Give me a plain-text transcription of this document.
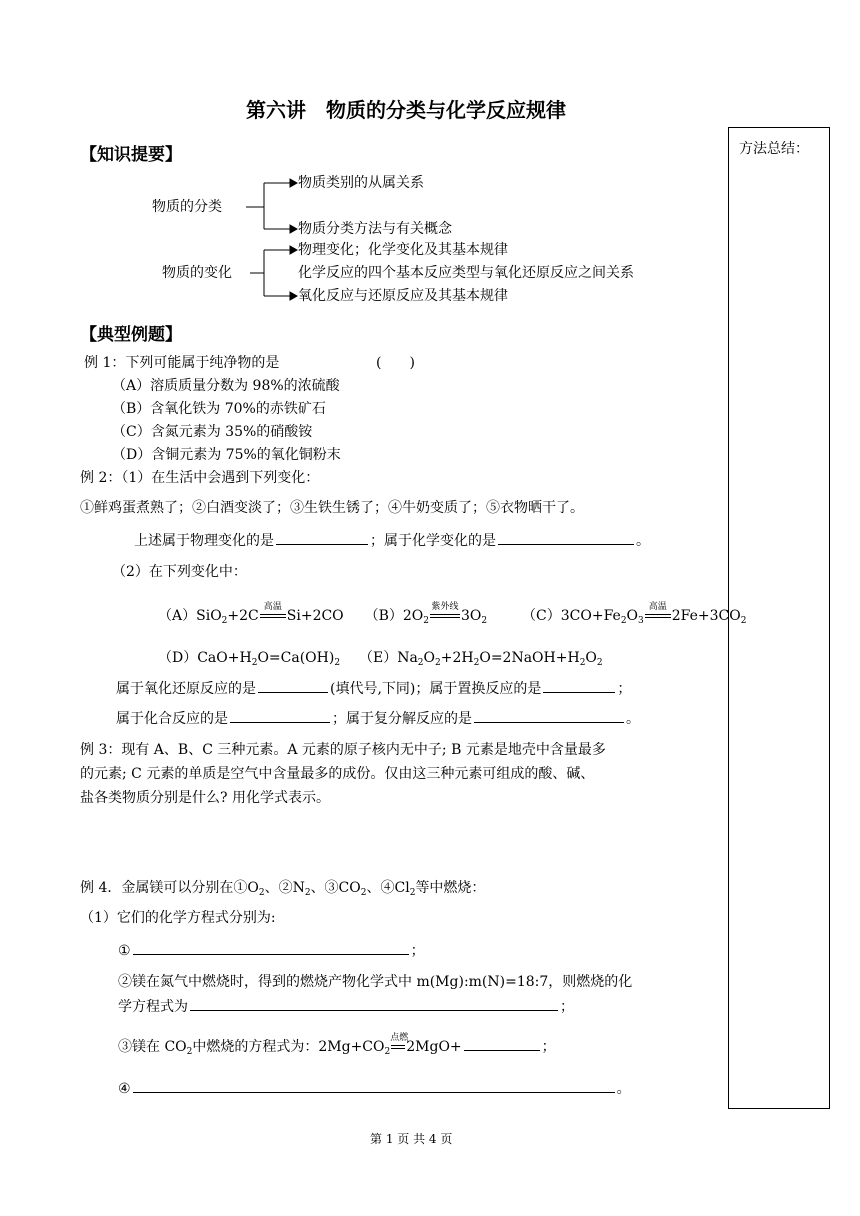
第六讲　物质的分类与化学反应规律
方法总结：
【知识提要】
物质的分类
物质类别的从属关系
物质分类方法与有关概念
物质的变化
物理变化；化学变化及其基本规律
化学反应的四个基本反应类型与氧化还原反应之间关系
氧化反应与还原反应及其基本规律
【典型例题】
例 1：下列可能属于纯净物的是	(　　)
（A）溶质质量分数为 98%的浓硫酸
（B）含氧化铁为 70%的赤铁矿石
（C）含氮元素为 35%的硝酸铵
（D）含铜元素为 75%的氧化铜粉末
例 2：（1）在生活中会遇到下列变化：
①鲜鸡蛋煮熟了；②白酒变淡了；③生铁生锈了；④牛奶变质了；⑤衣物晒干了。
上述属于物理变化的是	；属于化学变化的是	。
（2）在下列变化中：
（A）SiO$_2$+2C
高温
Si+2CO  $(B)2O_2$
紫外线
$3O_2$ $(C)3CO+Fe_2O_3$
高温
$2Fe+3CO_2$
$(D)CaO+H_2O=Ca(OH)_2$ $(E)Na_2O_2+2H_2O=2NaOH+H_2O_2$
属于氧化还原反应的是	(填代号,下同)；属于置换反应的是	；
属于化合反应的是	；属于复分解反应的是	。
例 3：现有 A、B、C 三种元素。A 元素的原子核内无中子; B 元素是地壳中含量最多
的元素; C 元素的单质是空气中含量最多的成份。仅由这三种元素可组成的酸、碱、
盐各类物质分别是什么? 用化学式表示。
例 4．金属镁可以分别在$①O_2$、$②N_2$、$③CO_2$、$④Cl_2$等中燃烧：
（1）它们的化学方程式分别为:
①	；
②镁在氮气中燃烧时，得到的燃烧产物化学式中 m(Mg):m(N)=18:7，则燃烧的化
学方程式为	；
③镁在 $CO_2$中燃烧的方程式为：$2Mg+CO_2$
点燃
2MgO+	；
④	。
第 1 页 共 4 页
